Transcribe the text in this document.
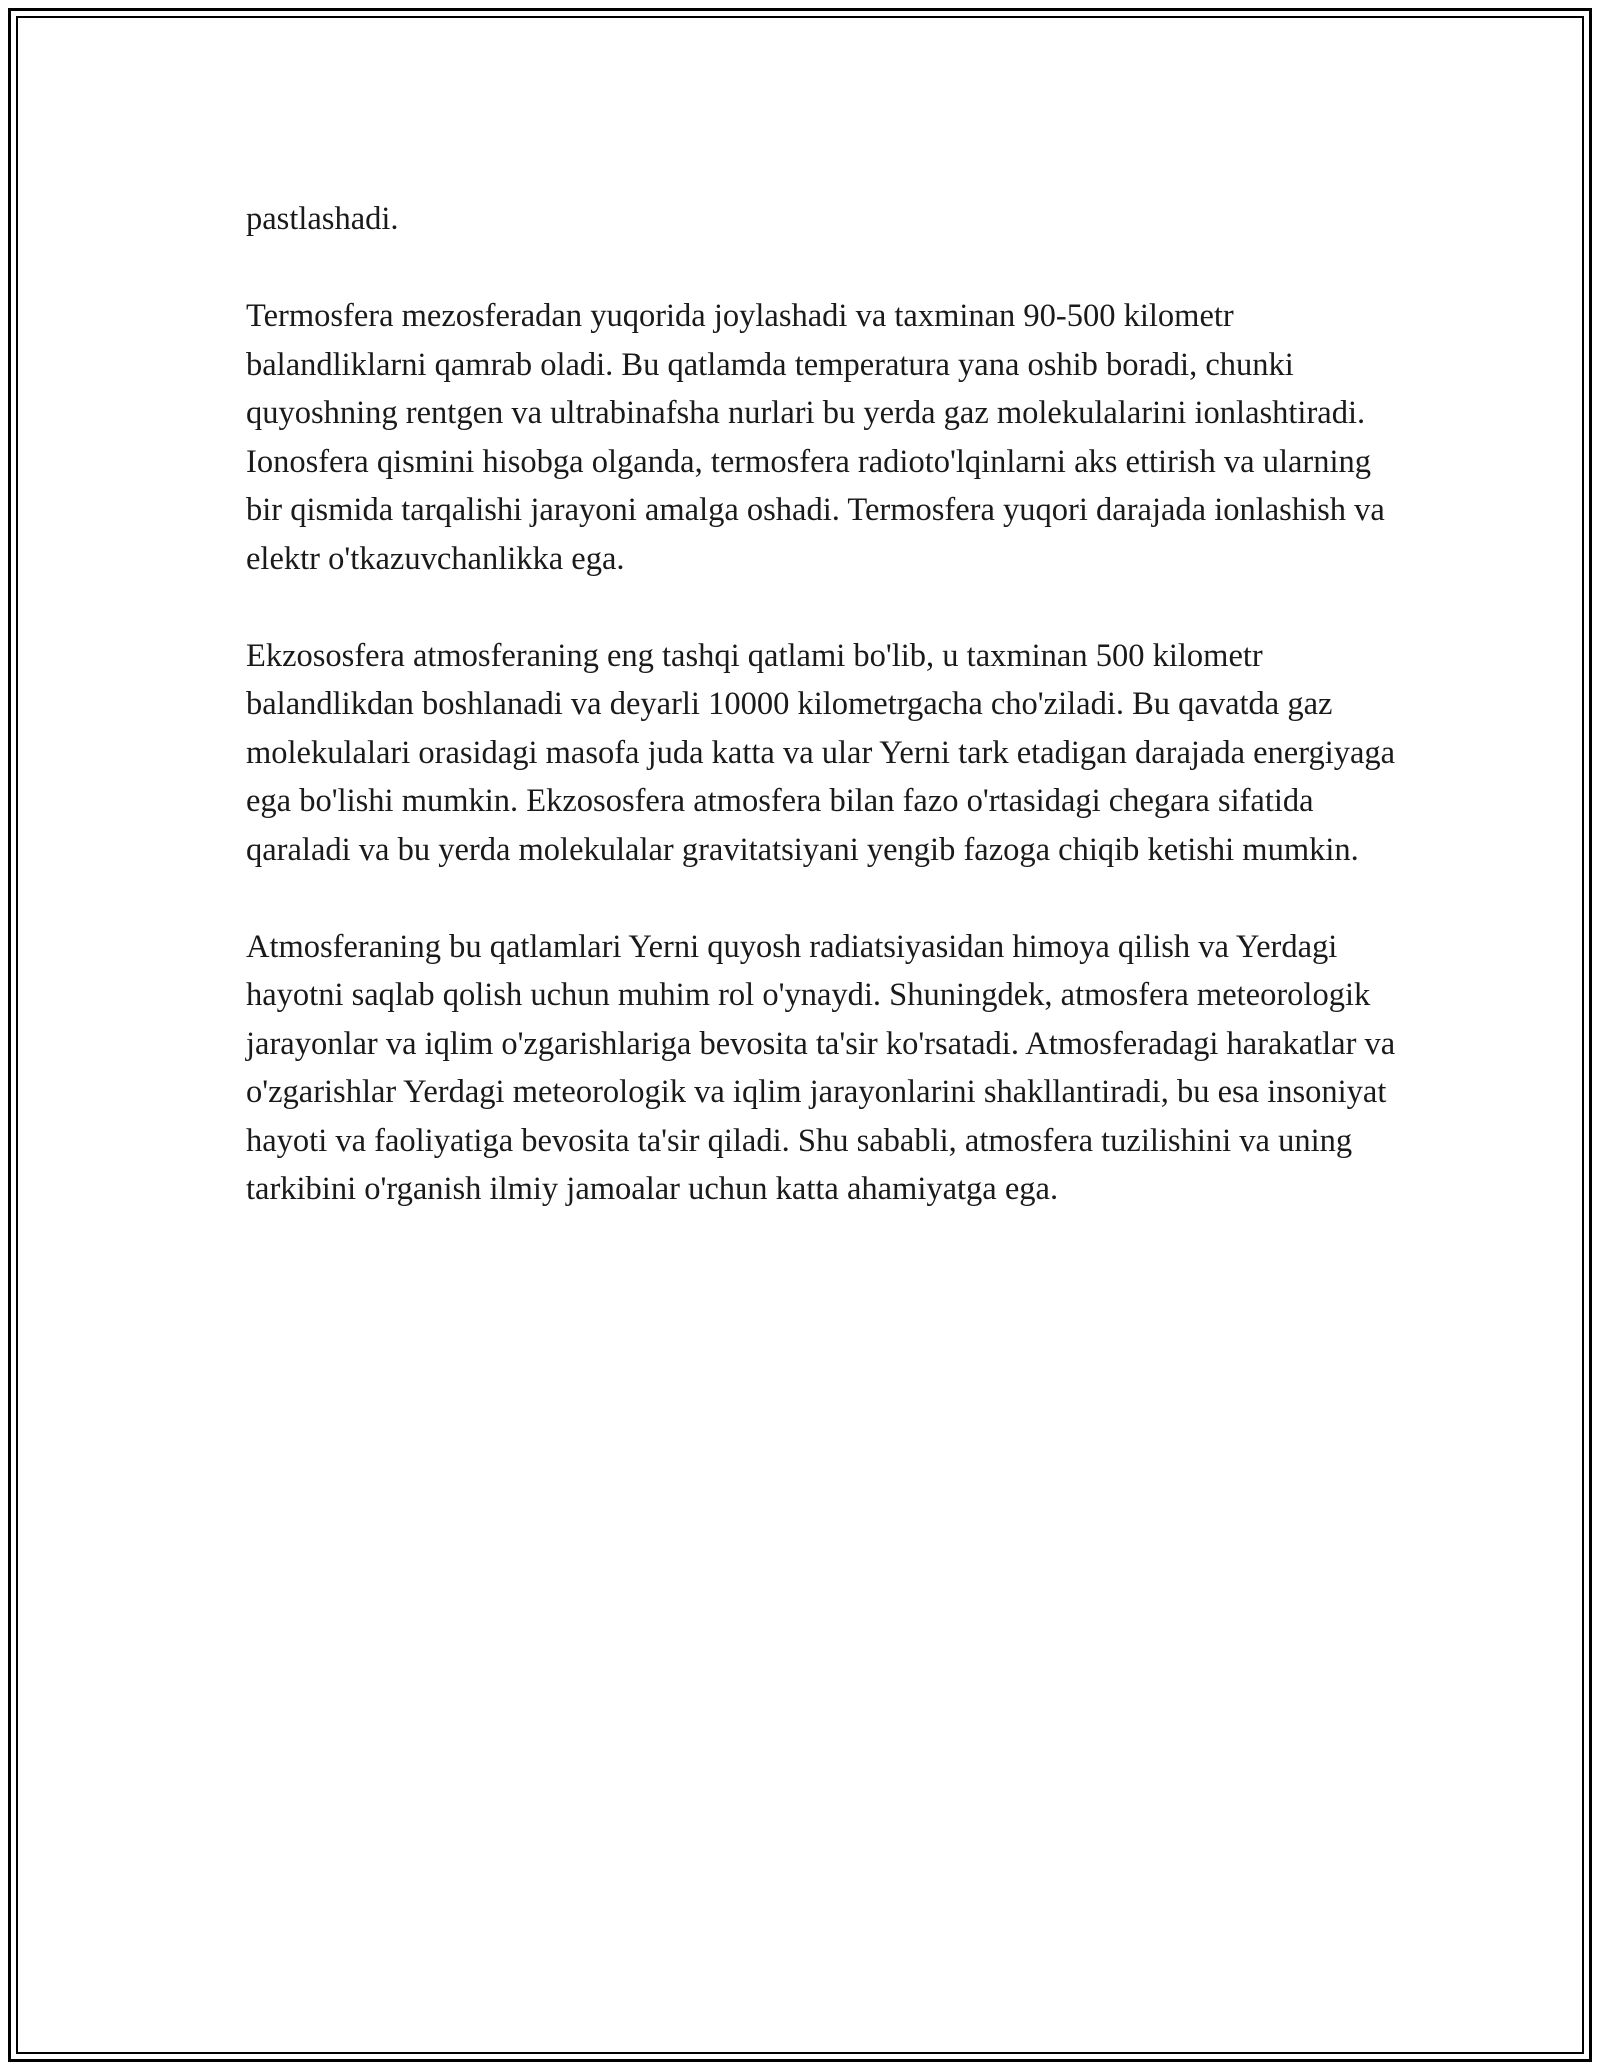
pastlashadi.

Termosfera mezosferadan yuqorida joylashadi va taxminan 90-500 kilometr balandliklarni qamrab oladi. Bu qatlamda temperatura yana oshib boradi, chunki quyoshning rentgen va ultrabinafsha nurlari bu yerda gaz molekulalarini ionlashtiradi. Ionosfera qismini hisobga olganda, termosfera radioto'lqinlarni aks ettirish va ularning bir qismida tarqalishi jarayoni amalga oshadi. Termosfera yuqori darajada ionlashish va elektr o'tkazuvchanlikka ega.

Ekzososfera atmosferaning eng tashqi qatlami bo'lib, u taxminan 500 kilometr balandlikdan boshlanadi va deyarli 10000 kilometrgacha cho'ziladi. Bu qavatda gaz molekulalari orasidagi masofa juda katta va ular Yerni tark etadigan darajada energiyaga ega bo'lishi mumkin. Ekzososfera atmosfera bilan fazo o'rtasidagi chegara sifatida qaraladi va bu yerda molekulalar gravitatsiyani yengib fazoga chiqib ketishi mumkin.

Atmosferaning bu qatlamlari Yerni quyosh radiatsiyasidan himoya qilish va Yerdagi hayotni saqlab qolish uchun muhim rol o'ynaydi. Shuningdek, atmosfera meteorologik jarayonlar va iqlim o'zgarishlariga bevosita ta'sir ko'rsatadi. Atmosferadagi harakatlar va o'zgarishlar Yerdagi meteorologik va iqlim jarayonlarini shakllantiradi, bu esa insoniyat hayoti va faoliyatiga bevosita ta'sir qiladi. Shu sababli, atmosfera tuzilishini va uning tarkibini o'rganish ilmiy jamoalar uchun katta ahamiyatga ega.
